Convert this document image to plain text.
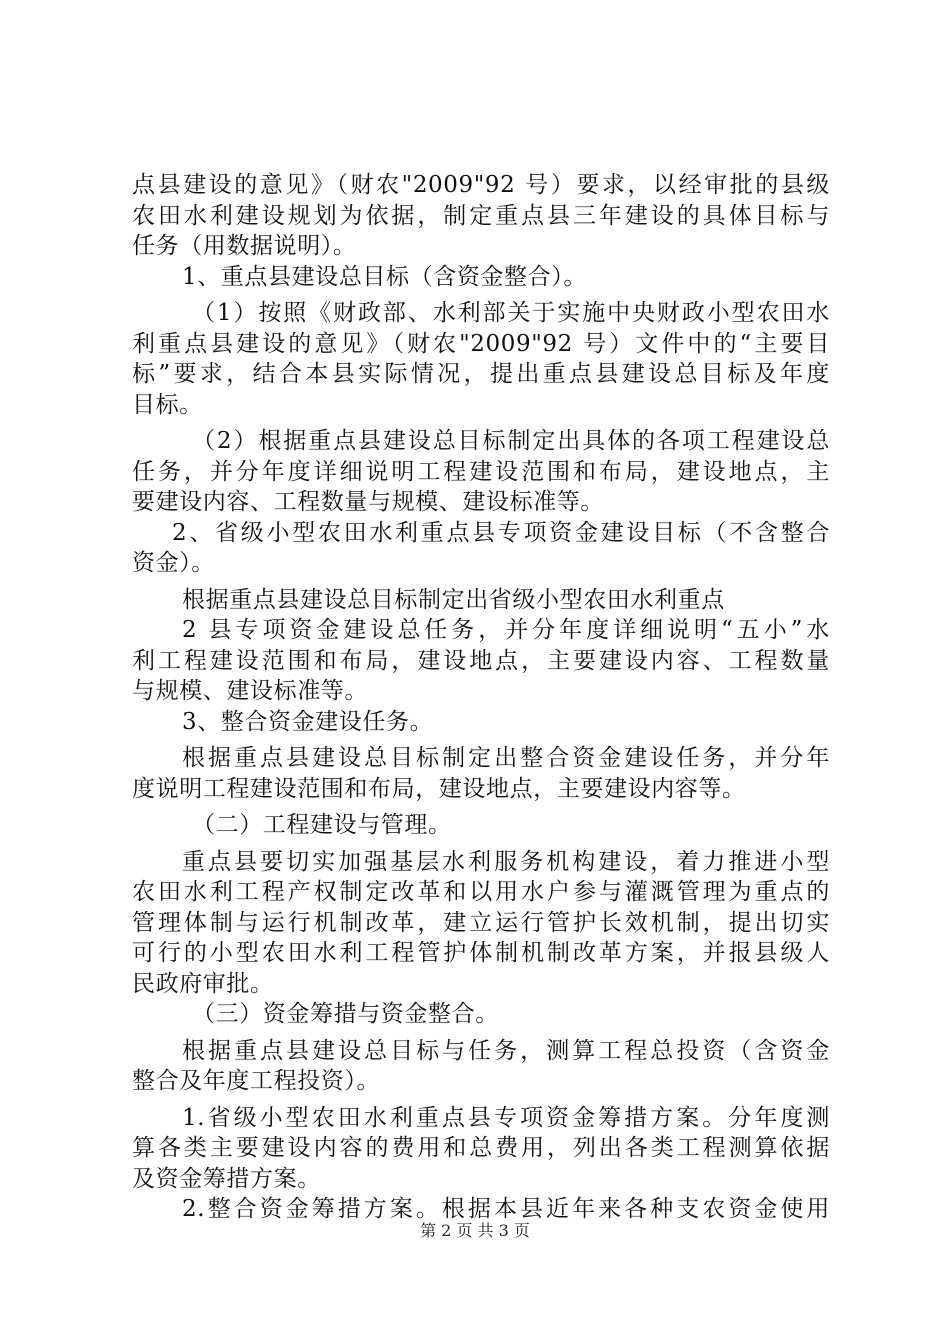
点县建设的意见》（财农"2009"92 号）要求，以经审批的县级
农田水利建设规划为依据，制定重点县三年建设的具体目标与
任务（用数据说明）。
1、重点县建设总目标（含资金整合）。
（1）按照《财政部、水利部关于实施中央财政小型农田水
利重点县建设的意见》（财农"2009"92 号）文件中的“主要目
标”要求，结合本县实际情况，提出重点县建设总目标及年度
目标。
（2）根据重点县建设总目标制定出具体的各项工程建设总
任务，并分年度详细说明工程建设范围和布局，建设地点，主
要建设内容、工程数量与规模、建设标准等。
2、省级小型农田水利重点县专项资金建设目标（不含整合
资金）。
根据重点县建设总目标制定出省级小型农田水利重点
2 县专项资金建设总任务，并分年度详细说明“五小”水
利工程建设范围和布局，建设地点，主要建设内容、工程数量
与规模、建设标准等。
3、整合资金建设任务。
根据重点县建设总目标制定出整合资金建设任务，并分年
度说明工程建设范围和布局，建设地点，主要建设内容等。
（二）工程建设与管理。
重点县要切实加强基层水利服务机构建设，着力推进小型
农田水利工程产权制定改革和以用水户参与灌溉管理为重点的
管理体制与运行机制改革，建立运行管护长效机制，提出切实
可行的小型农田水利工程管护体制机制改革方案，并报县级人
民政府审批。
（三）资金筹措与资金整合。
根据重点县建设总目标与任务，测算工程总投资（含资金
整合及年度工程投资）。
1.省级小型农田水利重点县专项资金筹措方案。分年度测
算各类主要建设内容的费用和总费用，列出各类工程测算依据
及资金筹措方案。
2.整合资金筹措方案。根据本县近年来各种支农资金使用
第 2 页 共 3 页
